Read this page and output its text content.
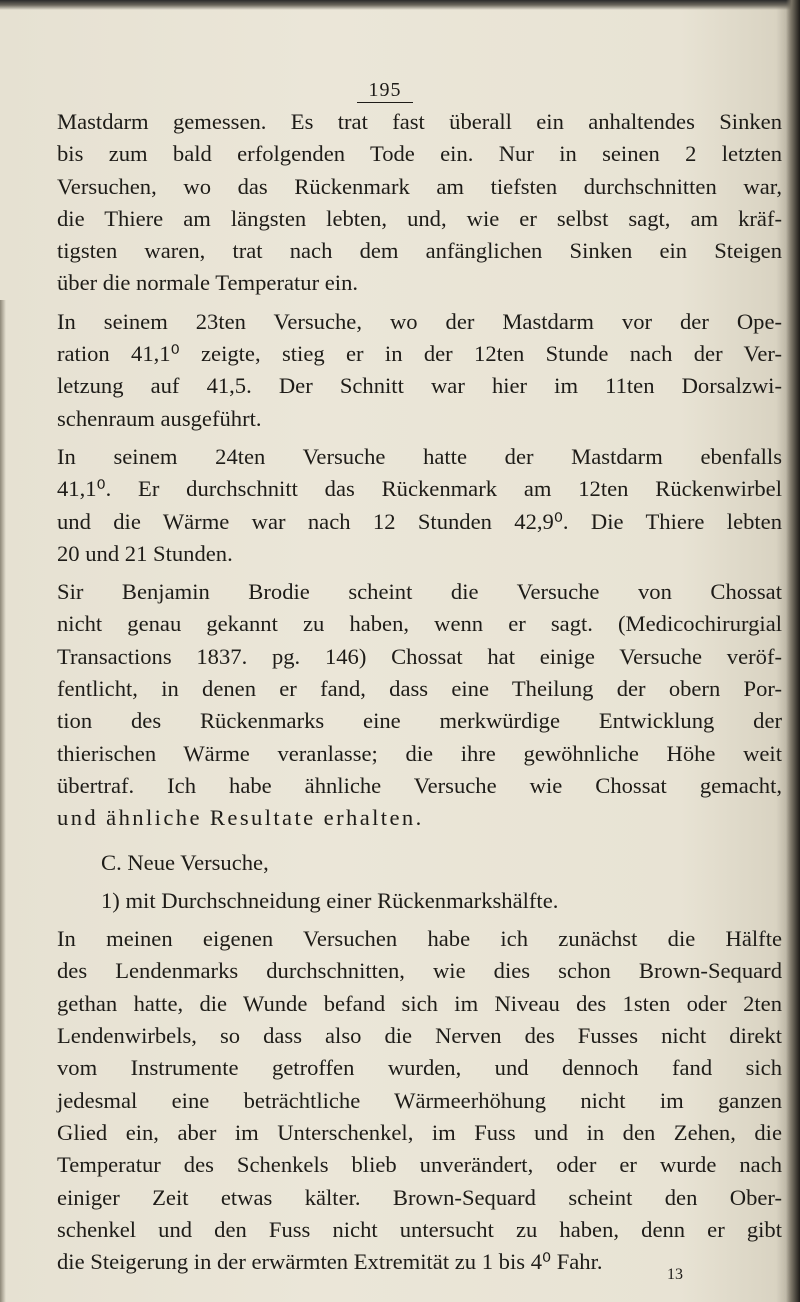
195

Mastdarm gemessen. Es trat fast überall ein anhaltendes Sinken
bis zum bald erfolgenden Tode ein. Nur in seinen 2 letzten
Versuchen, wo das Rückenmark am tiefsten durchschnitten war,
die Thiere am längsten lebten, und, wie er selbst sagt, am kräf-
tigsten waren, trat nach dem anfänglichen Sinken ein Steigen
über die normale Temperatur ein.

In seinem 23ten Versuche, wo der Mastdarm vor der Ope-
ration 41,1⁰ zeigte, stieg er in der 12ten Stunde nach der Ver-
letzung auf 41,5. Der Schnitt war hier im 11ten Dorsalzwi-
schenraum ausgeführt.

In seinem 24ten Versuche hatte der Mastdarm ebenfalls
41,1⁰. Er durchschnitt das Rückenmark am 12ten Rückenwirbel
und die Wärme war nach 12 Stunden 42,9⁰. Die Thiere lebten
20 und 21 Stunden.

Sir Benjamin Brodie scheint die Versuche von Chossat
nicht genau gekannt zu haben, wenn er sagt. (Medicochirurgial
Transactions 1837. pg. 146) Chossat hat einige Versuche veröf-
fentlicht, in denen er fand, dass eine Theilung der obern Por-
tion des Rückenmarks eine merkwürdige Entwicklung der
thierischen Wärme veranlasse; die ihre gewöhnliche Höhe weit
übertraf. Ich habe ähnliche Versuche wie Chossat gemacht,
und ähnliche Resultate erhalten.

C. Neue Versuche,

1) mit Durchschneidung einer Rückenmarkshälfte.

In meinen eigenen Versuchen habe ich zunächst die Hälfte
des Lendenmarks durchschnitten, wie dies schon Brown-Sequard
gethan hatte, die Wunde befand sich im Niveau des 1sten oder 2ten
Lendenwirbels, so dass also die Nerven des Fusses nicht direkt
vom Instrumente getroffen wurden, und dennoch fand sich
jedesmal eine beträchtliche Wärmeerhöhung nicht im ganzen
Glied ein, aber im Unterschenkel, im Fuss und in den Zehen, die
Temperatur des Schenkels blieb unverändert, oder er wurde nach
einiger Zeit etwas kälter. Brown-Sequard scheint den Ober-
schenkel und den Fuss nicht untersucht zu haben, denn er gibt
die Steigerung in der erwärmten Extremität zu 1 bis 4⁰ Fahr.

13
